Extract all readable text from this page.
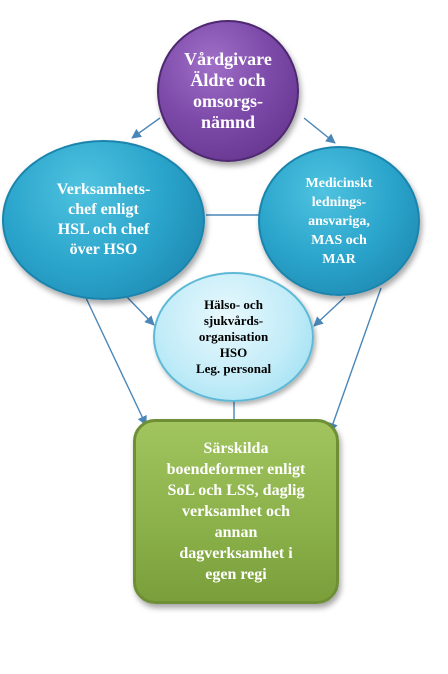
Vårdgivare
Äldre och
omsorgs-
nämnd
Verksamhets-
chef enligt
HSL och chef
över HSO
Medicinskt
lednings-
ansvariga,
MAS och
MAR
Hälso- och
sjukvårds-
organisation
HSO
Leg. personal
Särskilda
boendeformer enligt
SoL och LSS, daglig
verksamhet och
annan
dagverksamhet i
egen regi
